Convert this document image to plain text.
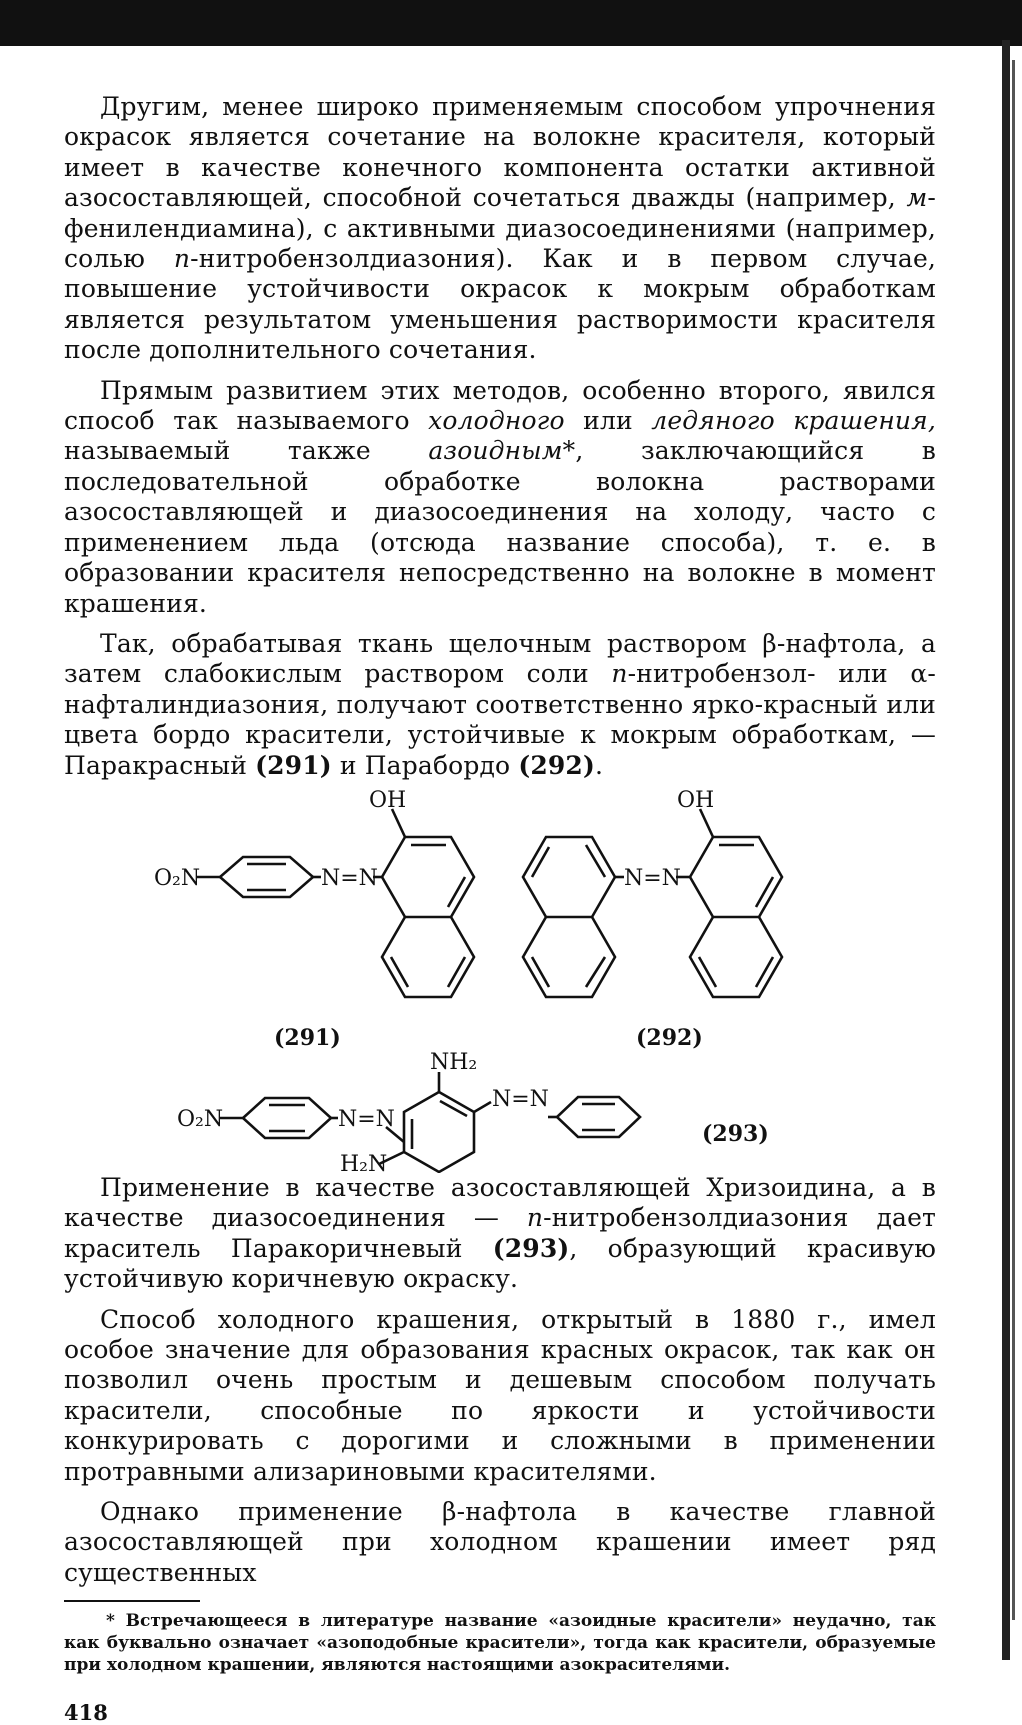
Другим, менее широко применяемым способом упрочнения окрасок является сочетание на волокне красителя, который имеет в качестве конечного компонента остатки активной азосоставляющей, способной сочетаться дважды (например, м-фенилендиамина), с активными диазосоединениями (например, солью п-нитробензолдиазония). Как и в первом случае, повышение устойчивости окрасок к мокрым обработкам является результатом уменьшения растворимости красителя после дополнительного сочетания.

Прямым развитием этих методов, особенно второго, явился способ так называемого холодного или ледяного крашения, называемый также азоидным*, заключающийся в последовательной обработке волокна растворами азосоставляющей и диазосоединения на холоду, часто с применением льда (отсюда название способа), т. е. в образовании красителя непосредственно на волокне в момент крашения.

Так, обрабатывая ткань щелочным раствором β-нафтола, а затем слабокислым раствором соли п-нитробензол- или α-нафталиндиазония, получают соответственно ярко-красный или цвета бордо красители, устойчивые к мокрым обработкам, — Паракрасный (291) и Парабордо (292).

OH	OH
O₂N	N=N	N=N
(291)	(292)
NH₂
O₂N	N=N
N=N
H₂N
(293)

Применение в качестве азосоставляющей Хризоидина, а в качестве диазосоединения — п-нитробензолдиазония дает краситель Паракоричневый (293), образующий красивую устойчивую коричневую окраску.

Способ холодного крашения, открытый в 1880 г., имел особое значение для образования красных окрасок, так как он позволил очень простым и дешевым способом получать красители, способные по яркости и устойчивости конкурировать с дорогими и сложными в применении протравными ализариновыми красителями.

Однако применение β-нафтола в качестве главной азосоставляющей при холодном крашении имеет ряд существенных

* Встречающееся в литературе название «азоидные красители» неудачно, так как буквально означает «азоподобные красители», тогда как красители, образуемые при холодном крашении, являются настоящими азокрасителями.

418
